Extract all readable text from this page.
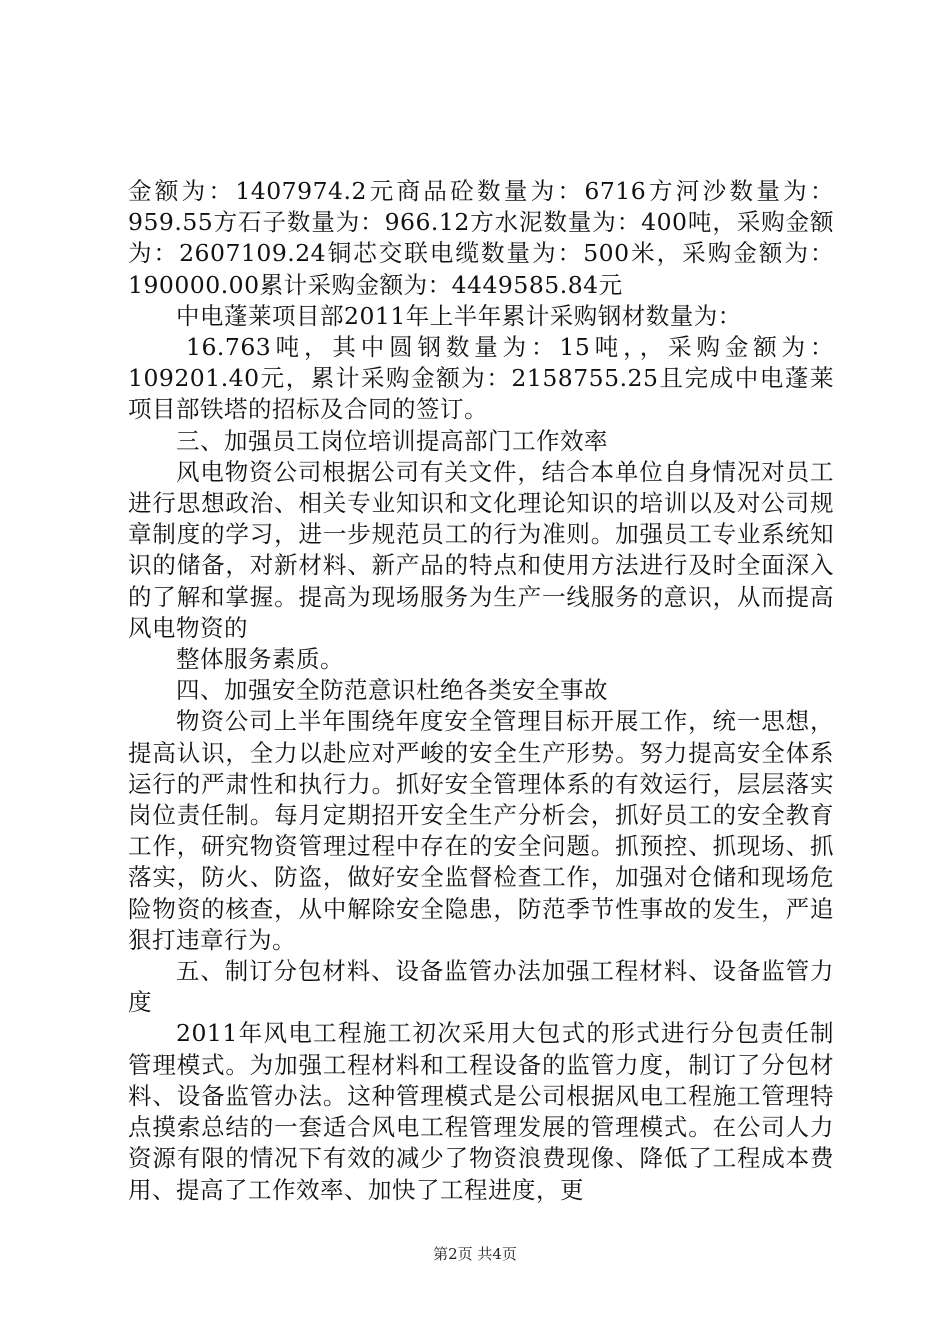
金额为：1407974.2元商品砼数量为：6716方河沙数量为：959.55方石子数量为：966.12方水泥数量为：400吨，采购金额为：2607109.24铜芯交联电缆数量为：500米，采购金额为：190000.00累计采购金额为：4449585.84元

中电蓬莱项目部2011年上半年累计采购钢材数量为：

16.763吨，其中圆钢数量为：15吨，，采购金额为：109201.40元，累计采购金额为：2158755.25且完成中电蓬莱项目部铁塔的招标及合同的签订。

三、加强员工岗位培训提高部门工作效率

风电物资公司根据公司有关文件，结合本单位自身情况对员工进行思想政治、相关专业知识和文化理论知识的培训以及对公司规章制度的学习，进一步规范员工的行为准则。加强员工专业系统知识的储备，对新材料、新产品的特点和使用方法进行及时全面深入的了解和掌握。提高为现场服务为生产一线服务的意识，从而提高风电物资的

整体服务素质。

四、加强安全防范意识杜绝各类安全事故

物资公司上半年围绕年度安全管理目标开展工作，统一思想，提高认识，全力以赴应对严峻的安全生产形势。努力提高安全体系运行的严肃性和执行力。抓好安全管理体系的有效运行，层层落实岗位责任制。每月定期招开安全生产分析会，抓好员工的安全教育工作，研究物资管理过程中存在的安全问题。抓预控、抓现场、抓落实，防火、防盗，做好安全监督检查工作，加强对仓储和现场危险物资的核查，从中解除安全隐患，防范季节性事故的发生，严追狠打违章行为。

五、制订分包材料、设备监管办法加强工程材料、设备监管力度

2011年风电工程施工初次采用大包式的形式进行分包责任制管理模式。为加强工程材料和工程设备的监管力度，制订了分包材料、设备监管办法。这种管理模式是公司根据风电工程施工管理特点摸索总结的一套适合风电工程管理发展的管理模式。在公司人力资源有限的情况下有效的减少了物资浪费现像、降低了工程成本费用、提高了工作效率、加快了工程进度，更

第2页 共4页
